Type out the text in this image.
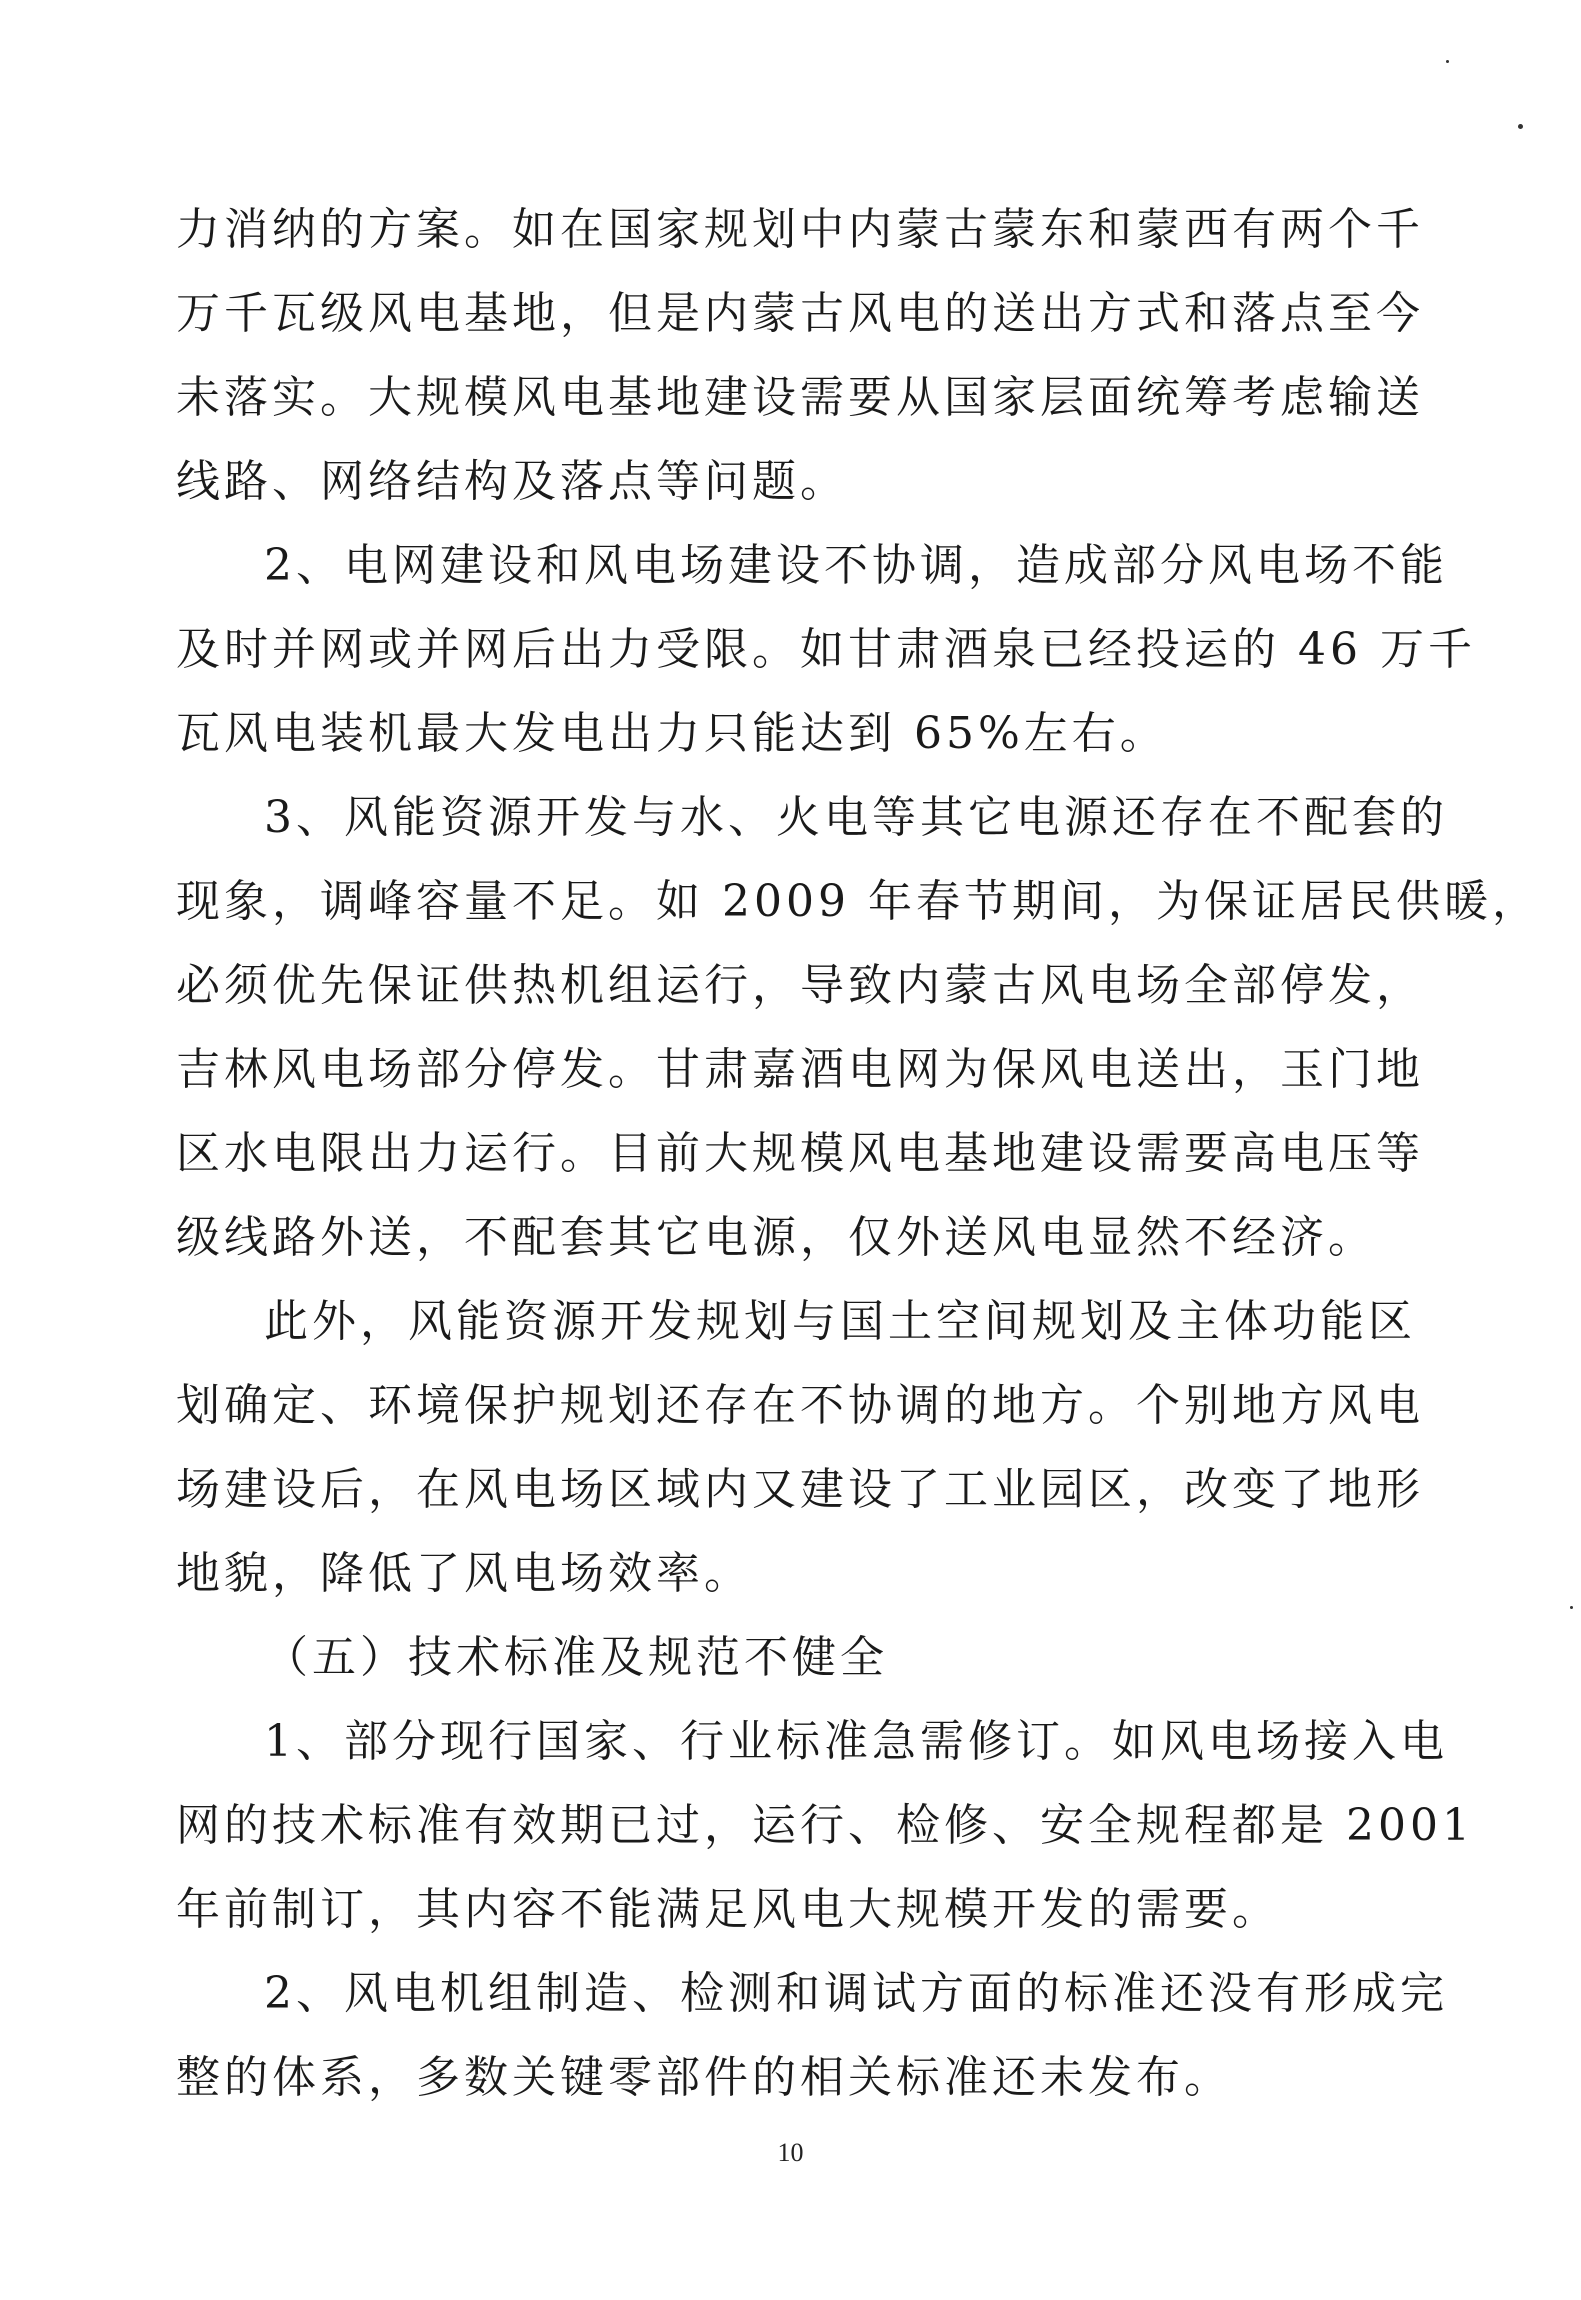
力消纳的方案。如在国家规划中内蒙古蒙东和蒙西有两个千
万千瓦级风电基地，但是内蒙古风电的送出方式和落点至今
未落实。大规模风电基地建设需要从国家层面统筹考虑输送
线路、网络结构及落点等问题。
2、电网建设和风电场建设不协调，造成部分风电场不能
及时并网或并网后出力受限。如甘肃酒泉已经投运的 46 万千
瓦风电装机最大发电出力只能达到 65%左右。
3、风能资源开发与水、火电等其它电源还存在不配套的
现象，调峰容量不足。如 2009 年春节期间，为保证居民供暖，
必须优先保证供热机组运行，导致内蒙古风电场全部停发，
吉林风电场部分停发。甘肃嘉酒电网为保风电送出，玉门地
区水电限出力运行。目前大规模风电基地建设需要高电压等
级线路外送，不配套其它电源，仅外送风电显然不经济。
此外，风能资源开发规划与国土空间规划及主体功能区
划确定、环境保护规划还存在不协调的地方。个别地方风电
场建设后，在风电场区域内又建设了工业园区，改变了地形
地貌，降低了风电场效率。
（五）技术标准及规范不健全
1、部分现行国家、行业标准急需修订。如风电场接入电
网的技术标准有效期已过，运行、检修、安全规程都是 2001
年前制订，其内容不能满足风电大规模开发的需要。
2、风电机组制造、检测和调试方面的标准还没有形成完
整的体系，多数关键零部件的相关标准还未发布。
10
